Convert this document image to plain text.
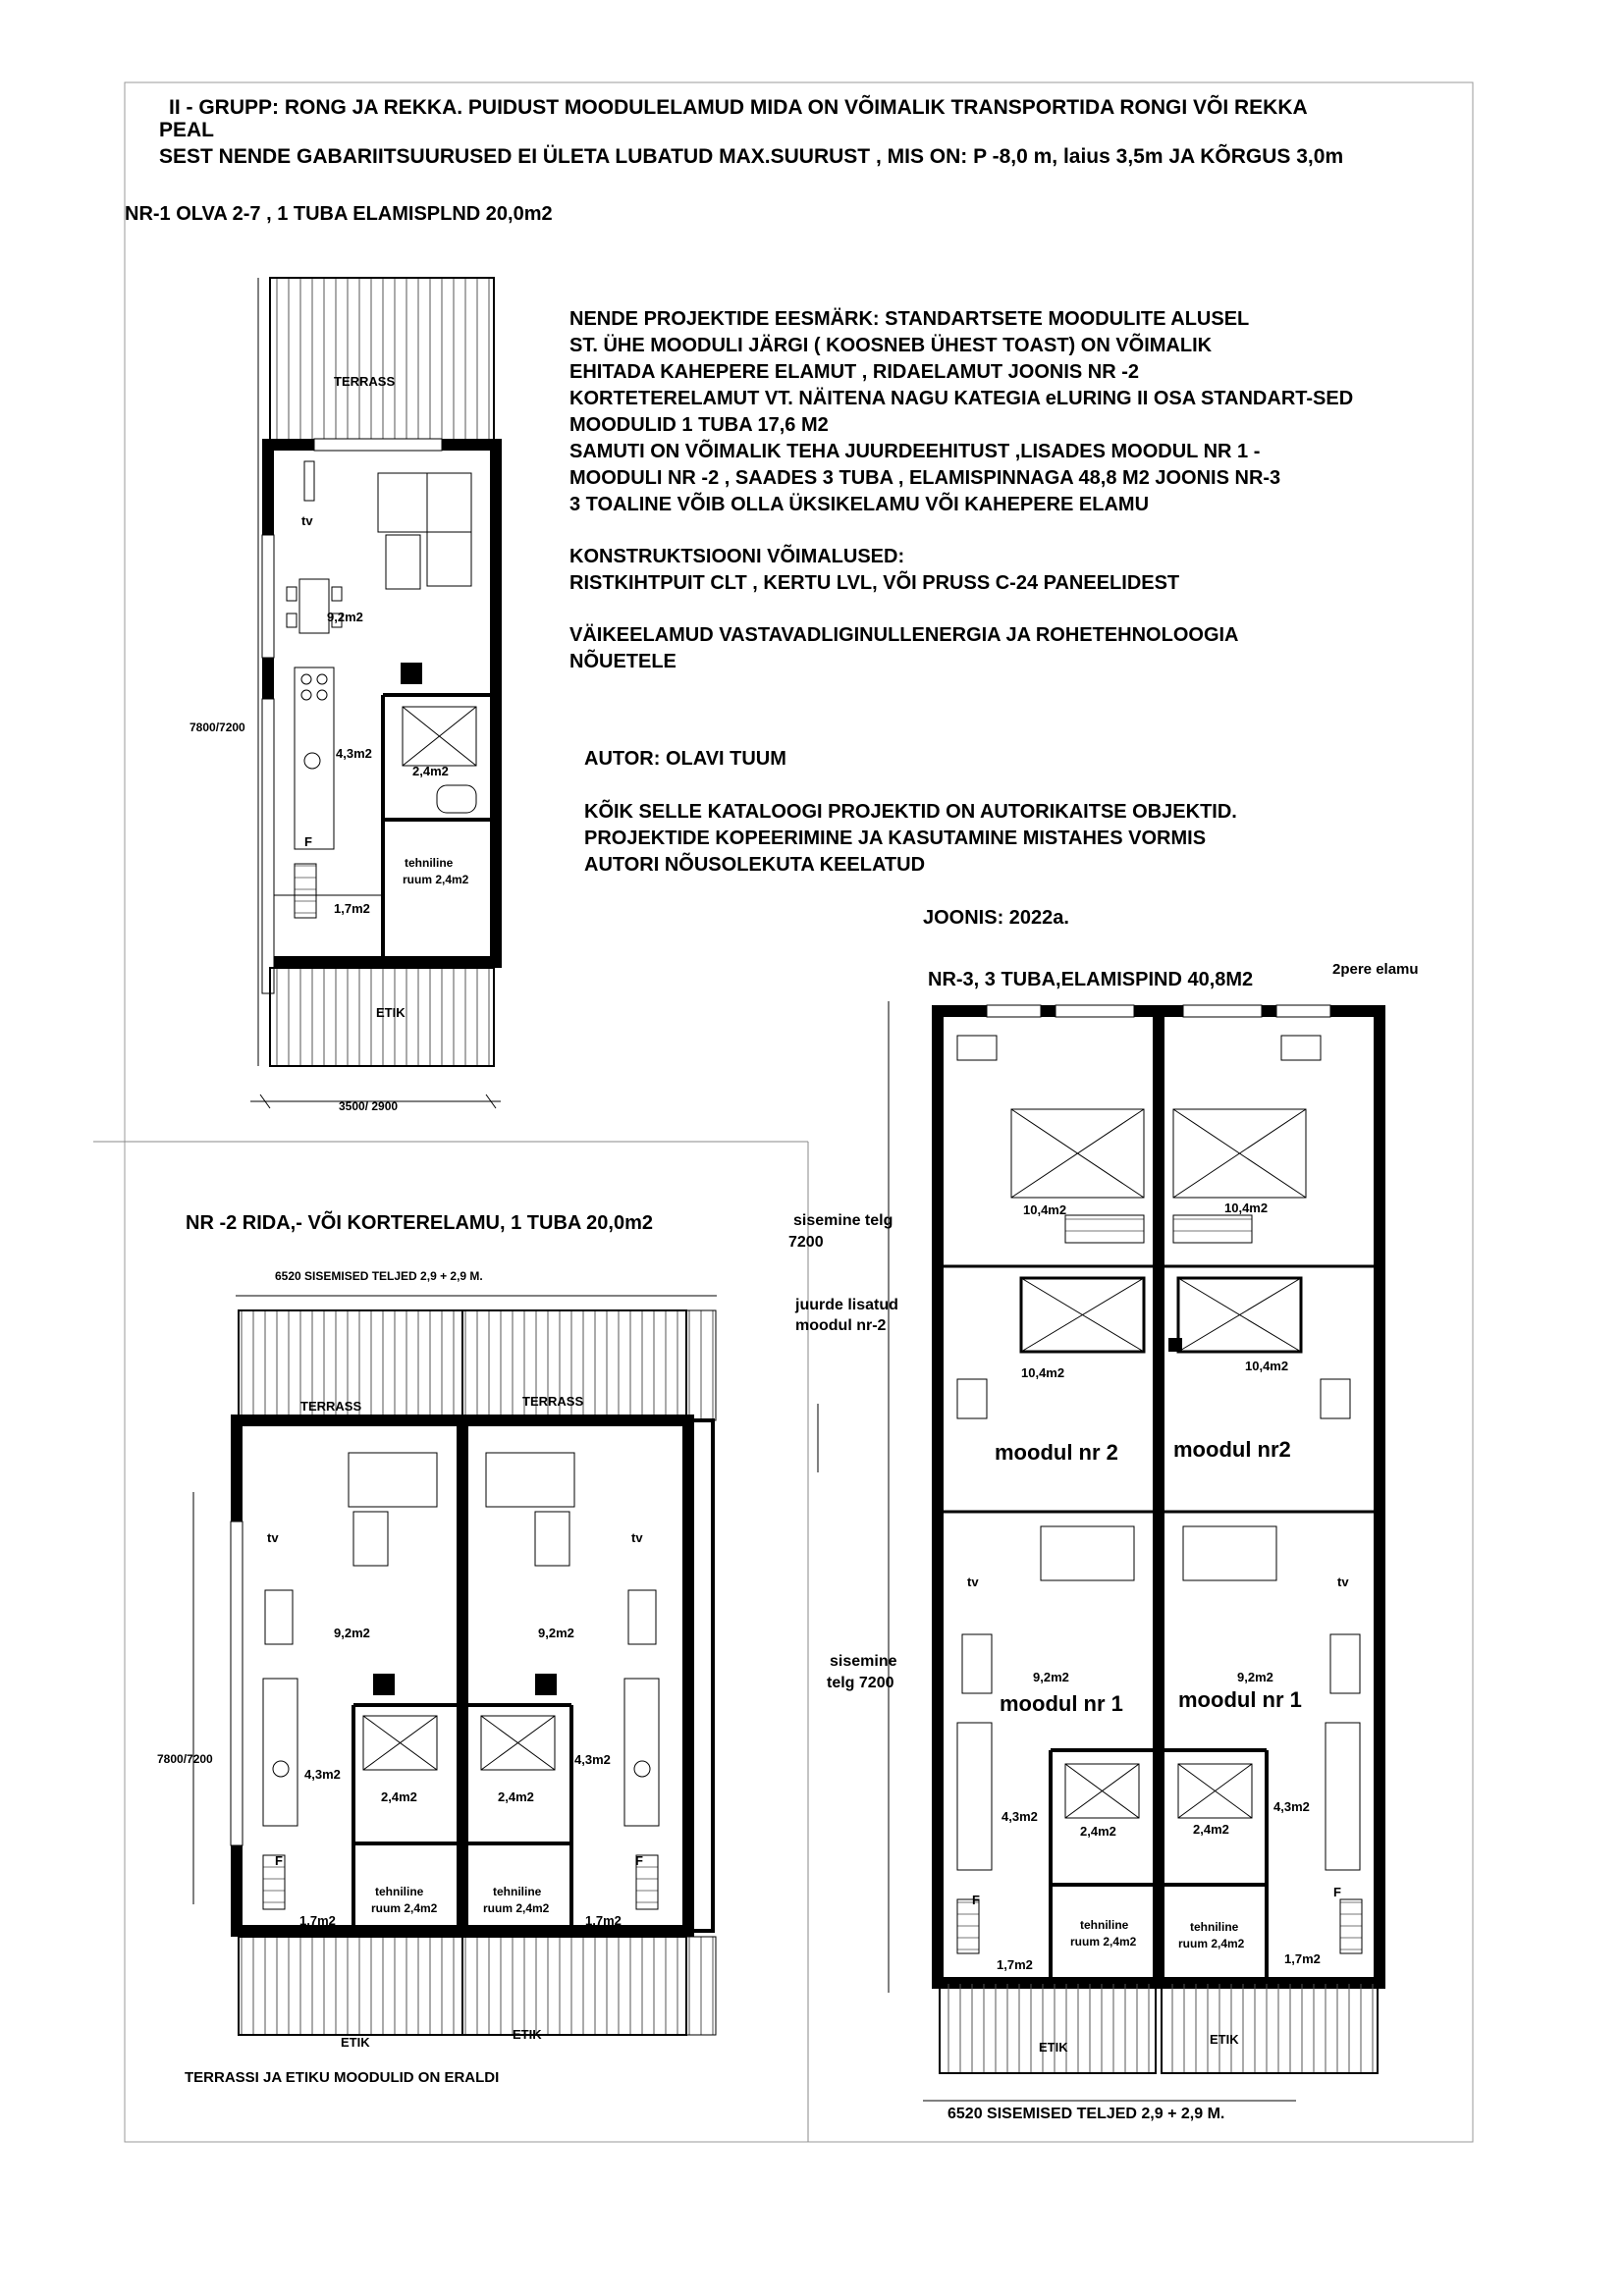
TERRASS
tv
9,2m2
4,3m2
2,4m2
tehniline
ruum 2,4m2
F
1,7m2
ETIK
7800/7200
3500/ 2900
TERRASS	TERRASS
tv	tv
9,2m2	9,2m2
4,3m2
4,3m2
2,4m2	2,4m2
tehniline
ruum 2,4m2
tehniline
ruum 2,4m2
F	F
1,7m2	1,7m2
ETIK
ETIK
7800/7200
10,4m2	10,4m2
10,4m2	10,4m2
tv	tv
9,2m2	9,2m2
4,3m2
4,3m2
2,4m2	2,4m2
tehniline
ruum 2,4m2
tehniline
ruum 2,4m2
F
F
1,7m2	1,7m2
ETIK
ETIK

II - GRUPP: RONG JA REKKA. PUIDUST MOODULELAMUD MIDA ON VÕIMALIK TRANSPORTIDA RONGI VÕI REKKA

PEAL

SEST NENDE GABARIITSUURUSED EI ÜLETA LUBATUD MAX.SUURUST , MIS ON: P -8,0 m, laius 3,5m JA KÕRGUS 3,0m

NR-1 OLVA 2-7 , 1 TUBA ELAMISPLND 20,0m2

NENDE PROJEKTIDE EESMÄRK: STANDARTSETE MOODULITE ALUSEL
ST. ÜHE MOODULI JÄRGI ( KOOSNEB ÜHEST TOAST) ON VÕIMALIK
EHITADA KAHEPERE ELAMUT , RIDAELAMUT JOONIS NR -2
KORTETERELAMUT VT. NÄITENA NAGU KATEGIA eLURING II OSA STANDART-SED
MOODULID 1 TUBA 17,6 M2
SAMUTI ON VÕIMALIK TEHA JUURDEEHITUST ,LISADES MOODUL NR 1 -
MOODULI NR -2 , SAADES 3 TUBA , ELAMISPINNAGA 48,8 M2 JOONIS NR-3
3 TOALINE VÕIB OLLA ÜKSIKELAMU VÕI KAHEPERE ELAMU
KONSTRUKTSIOONI VÕIMALUSED:
RISTKIHTPUIT CLT , KERTU LVL, VÕI PRUSS C-24 PANEELIDEST
VÄIKEELAMUD VASTAVADLIGINULLENERGIA JA ROHETEHNOLOOGIA
NÕUETELE

AUTOR: OLAVI TUUM

KÕIK SELLE KATALOOGI PROJEKTID ON AUTORIKAITSE OBJEKTID.
PROJEKTIDE KOPEERIMINE JA KASUTAMINE MISTAHES VORMIS
AUTORI NÕUSOLEKUTA KEELATUD

JOONIS: 2022a.

NR-3, 3 TUBA,ELAMISPIND 40,8M2	2pere elamu

NR -2 RIDA,- VÕI KORTERELAMU, 1 TUBA 20,0m2

6520 SISEMISED TELJED 2,9 + 2,9 M.

TERRASSI JA ETIKU MOODULID ON ERALDI

sisemine telg

7200

juurde lisatud

moodul nr-2

sisemine

telg 7200

moodul nr 2	moodul nr2

moodul nr 1	moodul nr 1

6520 SISEMISED TELJED 2,9 + 2,9 M.
